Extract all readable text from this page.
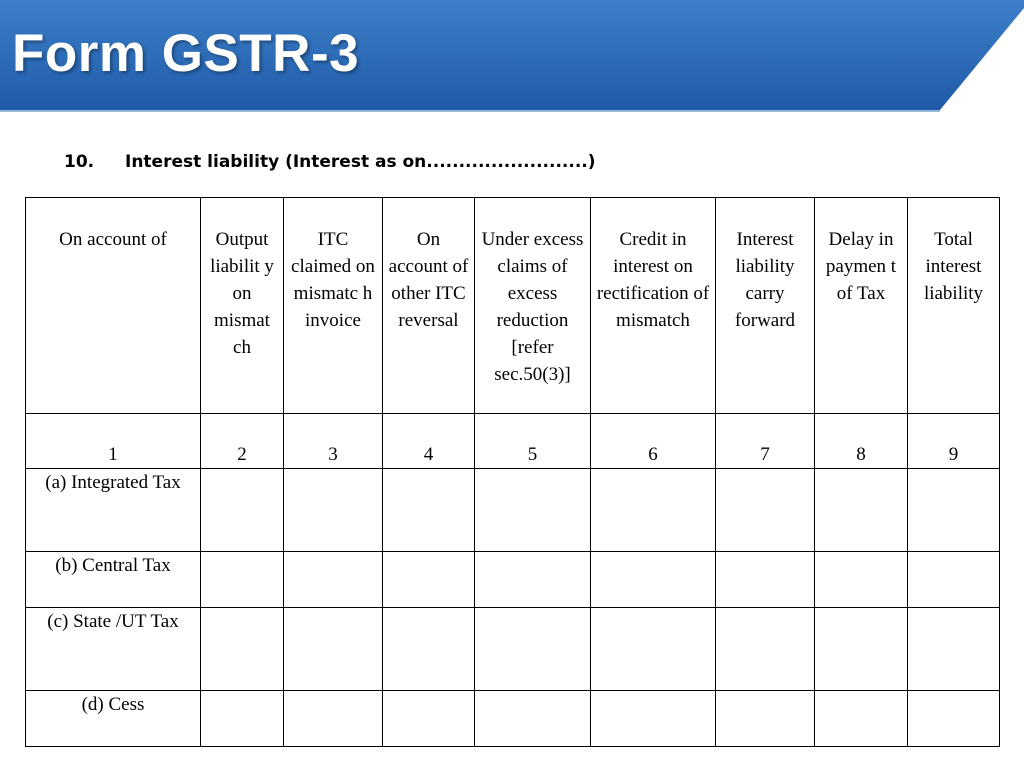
Form GSTR-3
10. Interest liability (Interest as on.........................)
On account of	Output liabilit y on mismat ch	ITC claimed on mismatc h invoice	On account of other ITC reversal	Under excess claims of excess reduction [refer sec.50(3)]	Credit in interest on rectification of mismatch	Interest liability carry forward	Delay in paymen t of Tax	Total interest liability
1	2	3	4	5	6	7	8	9
(a) Integrated Tax								
(b) Central Tax								
(c) State /UT Tax								
(d) Cess								
